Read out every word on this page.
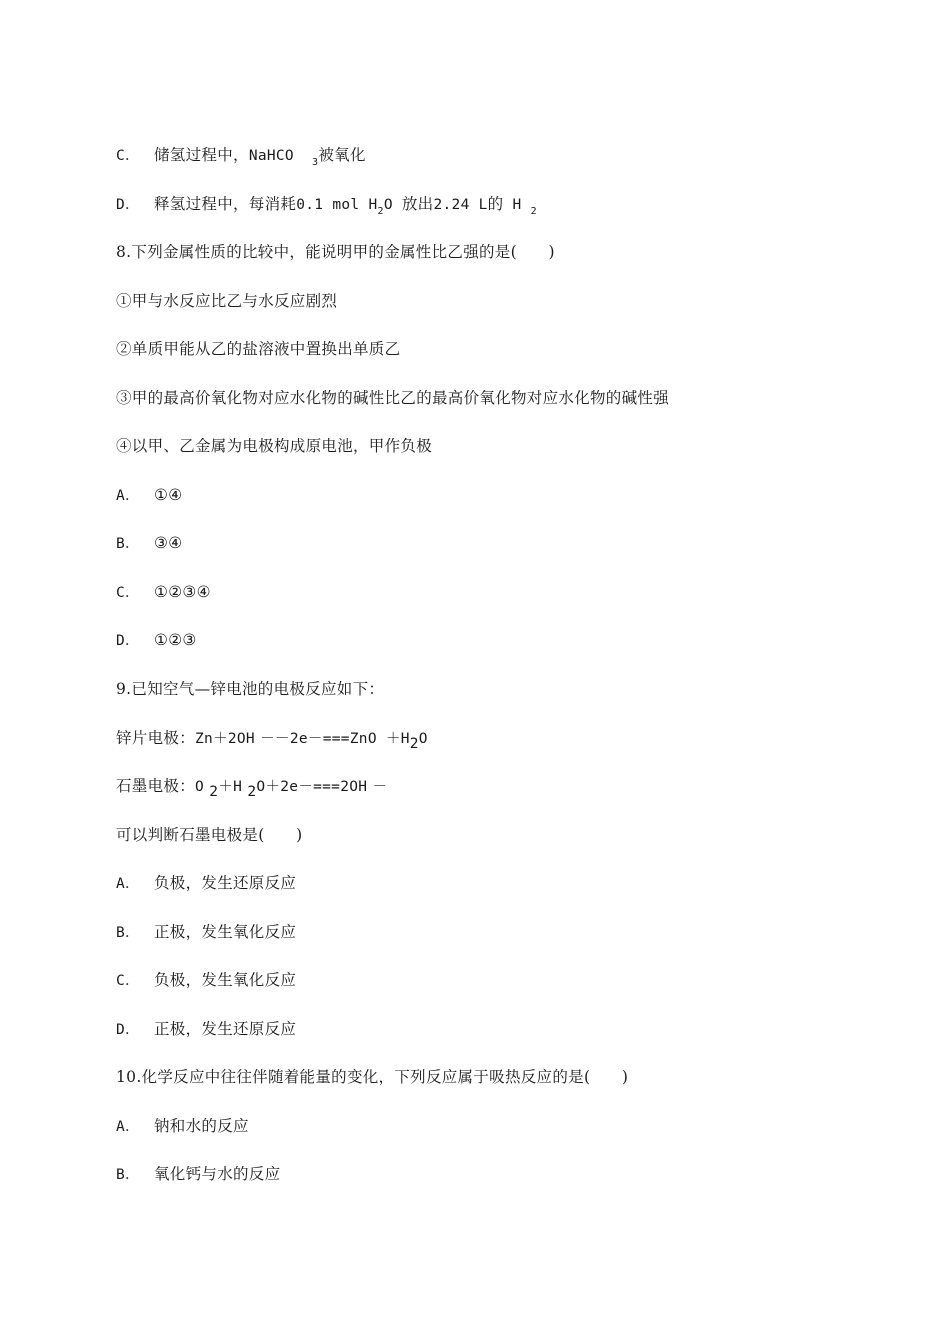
C． 储氢过程中，NaHCO $_3$被氧化
D． 释氢过程中，每消耗0.1 mol $H_2O$ 放出2.24 L的 H $_2$
8.下列金属性质的比较中，能说明甲的金属性比乙强的是(　　)
①甲与水反应比乙与水反应剧烈
②单质甲能从乙的盐溶液中置换出单质乙
③甲的最高价氧化物对应水化物的碱性比乙的最高价氧化物对应水化物的碱性强
④以甲、乙金属为电极构成原电池，甲作负极
A． ①④
B． ③④
C． ①②③④
D． ①②③
9.已知空气—锌电池的电极反应如下：
锌片电极：$Zn+2OH --2e-===ZnO +H_2O$
石墨电极：O $_2$＋H $_2$O＋2e－===2OH －
可以判断石墨电极是(　　)
A． 负极，发生还原反应
B． 正极，发生氧化反应
C． 负极，发生氧化反应
D． 正极，发生还原反应
10.化学反应中往往伴随着能量的变化，下列反应属于吸热反应的是(　　)
A． 钠和水的反应
B． 氧化钙与水的反应
